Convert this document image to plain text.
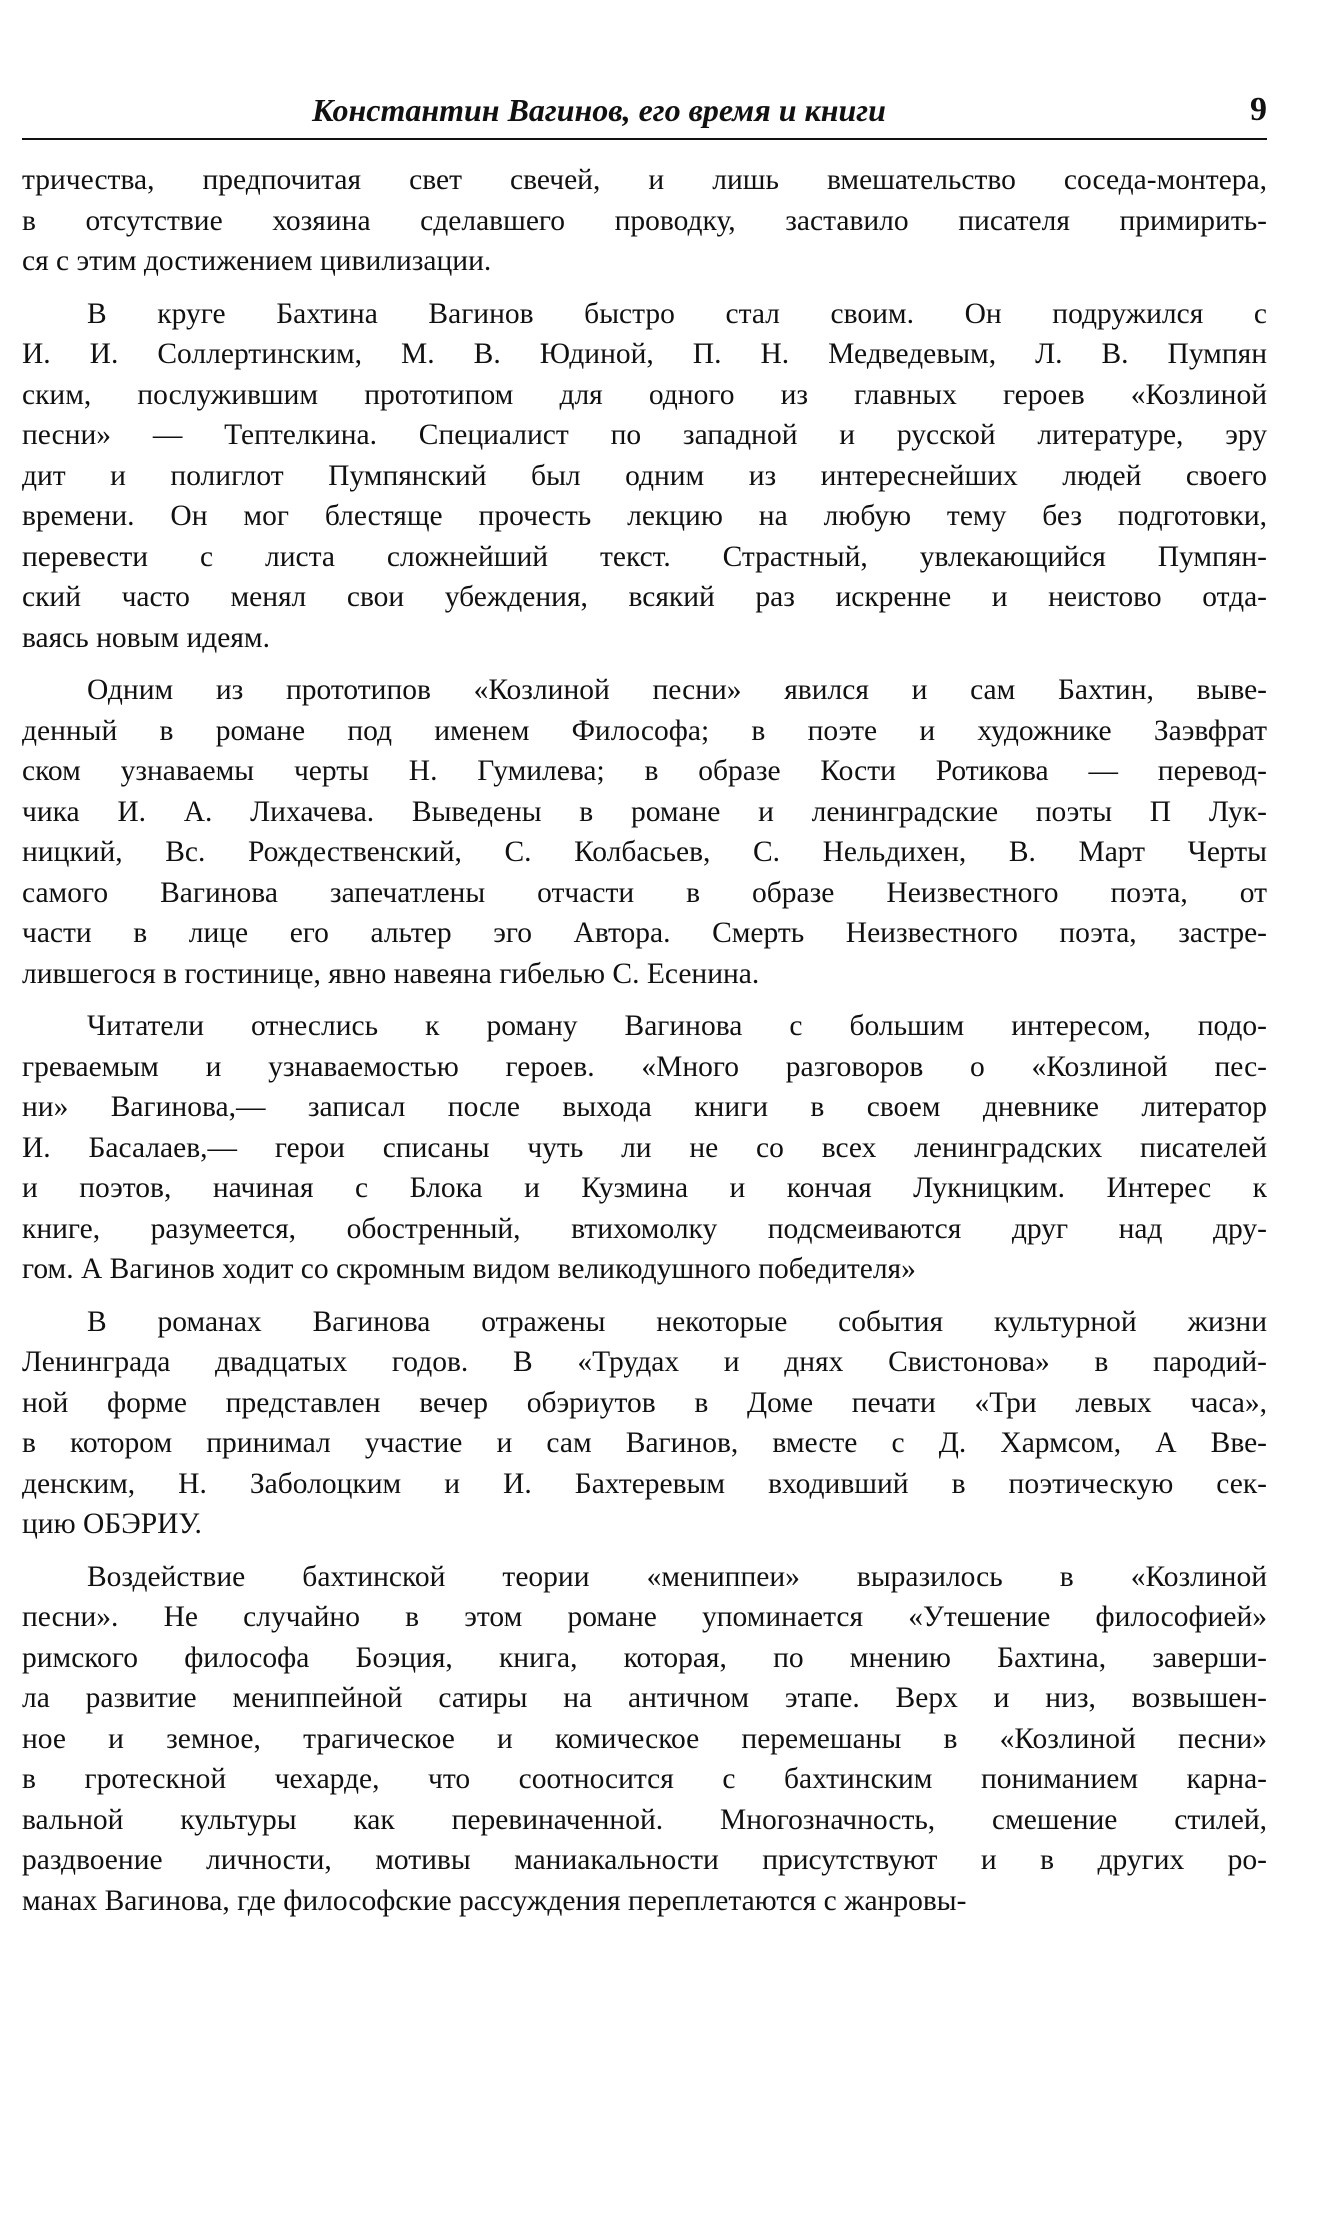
Константин Вагинов, его время и книги	9
тричества, предпочитая свет свечей, и лишь вмешательство соседа-монтера,
в отсутствие хозяина сделавшего проводку, заставило писателя примирить-
ся с этим достижением цивилизации.
В круге Бахтина Вагинов быстро стал своим. Он подружился с
И. И. Соллертинским, М. В. Юдиной, П. Н. Медведевым, Л. В. Пумпян
ским, послужившим прототипом для одного из главных героев «Козлиной
песни» — Тептелкина. Специалист по западной и русской литературе, эру
дит и полиглот Пумпянский был одним из интереснейших людей своего
времени. Он мог блестяще прочесть лекцию на любую тему без подготовки,
перевести с листа сложнейший текст. Страстный, увлекающийся Пумпян-
ский часто менял свои убеждения, всякий раз искренне и неистово отда-
ваясь новым идеям.
Одним из прототипов «Козлиной песни» явился и сам Бахтин, выве-
денный в романе под именем Философа; в поэте и художнике Заэвфрат
ском узнаваемы черты Н. Гумилева; в образе Кости Ротикова — перевод-
чика И. А. Лихачева. Выведены в романе и ленинградские поэты П Лук-
ницкий, Вс. Рождественский, С. Колбасьев, С. Нельдихен, В. Март Черты
самого Вагинова запечатлены отчасти в образе Неизвестного поэта, от
части в лице его альтер эго Автора. Смерть Неизвестного поэта, застре-
лившегося в гостинице, явно навеяна гибелью С. Есенина.
Читатели отнеслись к роману Вагинова с большим интересом, подо-
греваемым и узнаваемостью героев. «Много разговоров о «Козлиной пес-
ни» Вагинова,— записал после выхода книги в своем дневнике литератор
И. Басалаев,— герои списаны чуть ли не со всех ленинградских писателей
и поэтов, начиная с Блока и Кузмина и кончая Лукницким. Интерес к
книге, разумеется, обостренный, втихомолку подсмеиваются друг над дру-
гом. А Вагинов ходит со скромным видом великодушного победителя»
В романах Вагинова отражены некоторые события культурной жизни
Ленинграда двадцатых годов. В «Трудах и днях Свистонова» в пародий-
ной форме представлен вечер обэриутов в Доме печати «Три левых часа»,
в котором принимал участие и сам Вагинов, вместе с Д. Хармсом, А Вве-
денским, Н. Заболоцким и И. Бахтеревым входивший в поэтическую сек-
цию ОБЭРИУ.
Воздействие бахтинской теории «мениппеи» выразилось в «Козлиной
песни». Не случайно в этом романе упоминается «Утешение философией»
римского философа Боэция, книга, которая, по мнению Бахтина, заверши-
ла развитие мениппейной сатиры на античном этапе. Верх и низ, возвышен-
ное и земное, трагическое и комическое перемешаны в «Козлиной песни»
в гротескной чехарде, что соотносится с бахтинским пониманием карна-
вальной культуры как перевиначенной. Многозначность, смешение стилей,
раздвоение личности, мотивы маниакальности присутствуют и в других ро-
манах Вагинова, где философские рассуждения переплетаются с жанровы-
